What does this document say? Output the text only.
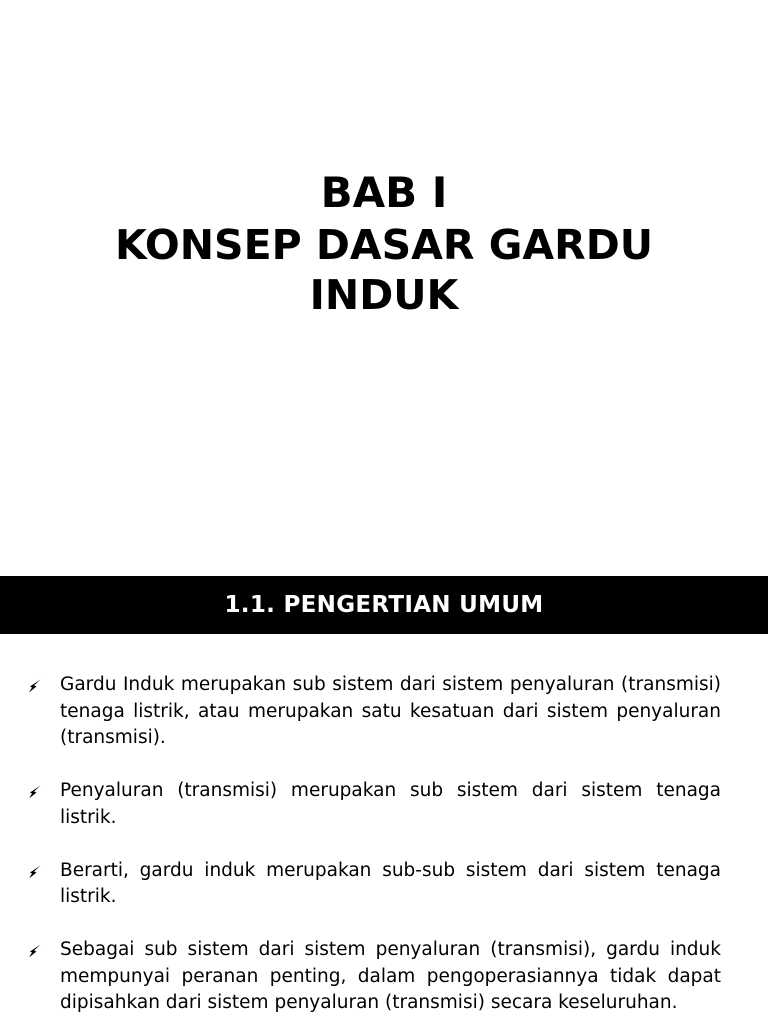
BAB I
KONSEP DASAR GARDU INDUK
1.1. PENGERTIAN UMUM
Gardu Induk merupakan sub sistem dari sistem penyaluran (transmisi) tenaga listrik, atau merupakan satu kesatuan dari sistem penyaluran (transmisi).
Penyaluran (transmisi) merupakan sub sistem dari sistem tenaga listrik.
Berarti, gardu induk merupakan sub-sub sistem dari sistem tenaga listrik.
Sebagai sub sistem dari sistem penyaluran (transmisi), gardu induk mempunyai peranan penting, dalam pengoperasiannya tidak dapat dipisahkan dari sistem penyaluran (transmisi) secara keseluruhan.
